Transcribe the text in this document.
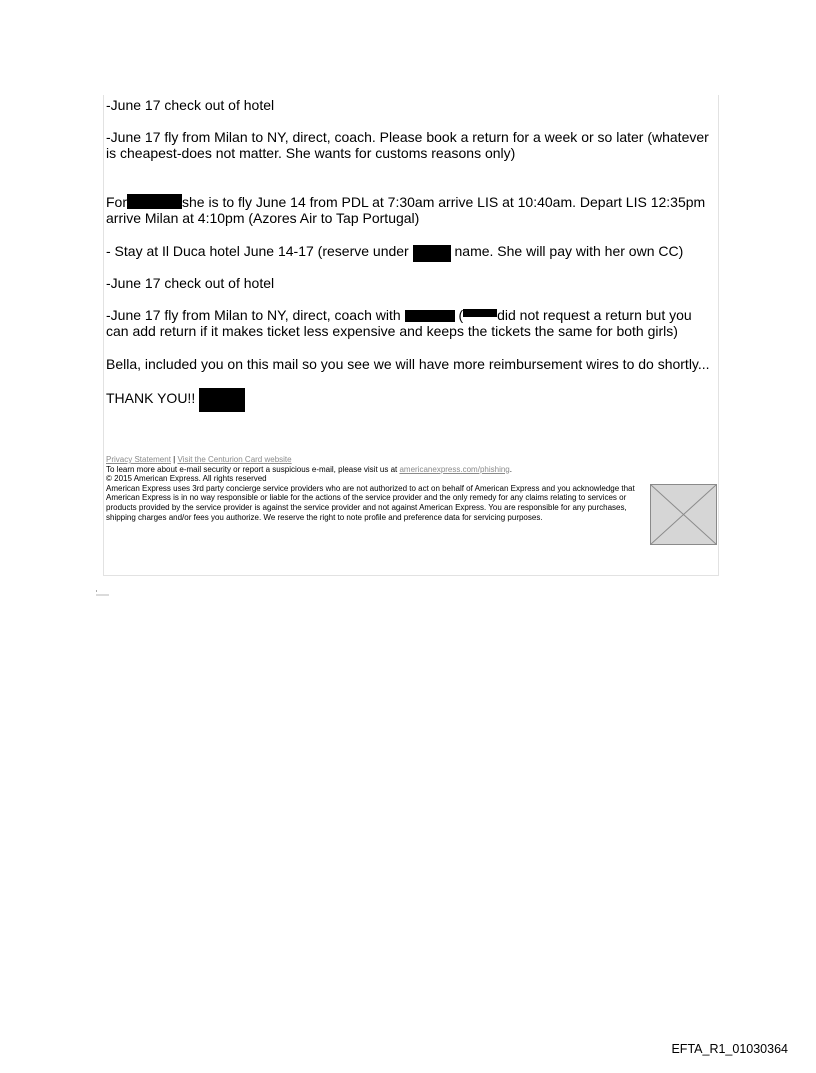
-June 17 check out of hotel

-June 17 fly from Milan to NY, direct, coach. Please book a return for a week or so later (whatever is cheapest-does not matter. She wants for customs reasons only)

For	she is to fly June 14 from PDL at 7:30am arrive LIS at 10:40am. Depart LIS 12:35pm arrive Milan at 4:10pm (Azores Air to Tap Portugal)

- Stay at Il Duca hotel June 14-17 (reserve under	name. She will pay with her own CC)

-June 17 check out of hotel

-June 17 fly from Milan to NY, direct, coach with	( did not request a return but you can add return if it makes ticket less expensive and keeps the tickets the same for both girls)

Bella, included you on this mail so you see we will have more reimbursement wires to do shortly...

THANK YOU!!

Privacy Statement | Visit the Centurion Card website
To learn more about e-mail security or report a suspicious e-mail, please visit us at americanexpress.com/phishing.
© 2015 American Express. All rights reserved
American Express uses 3rd party concierge service providers who are not authorized to act on behalf of American Express and you acknowledge that American Express is in no way responsible or liable for the actions of the service provider and the only remedy for any claims relating to services or products provided by the service provider is against the service provider and not against American Express. You are responsible for any purchases, shipping charges and/or fees you authorize. We reserve the right to note profile and preference data for servicing purposes.
EFTA_R1_01030364
